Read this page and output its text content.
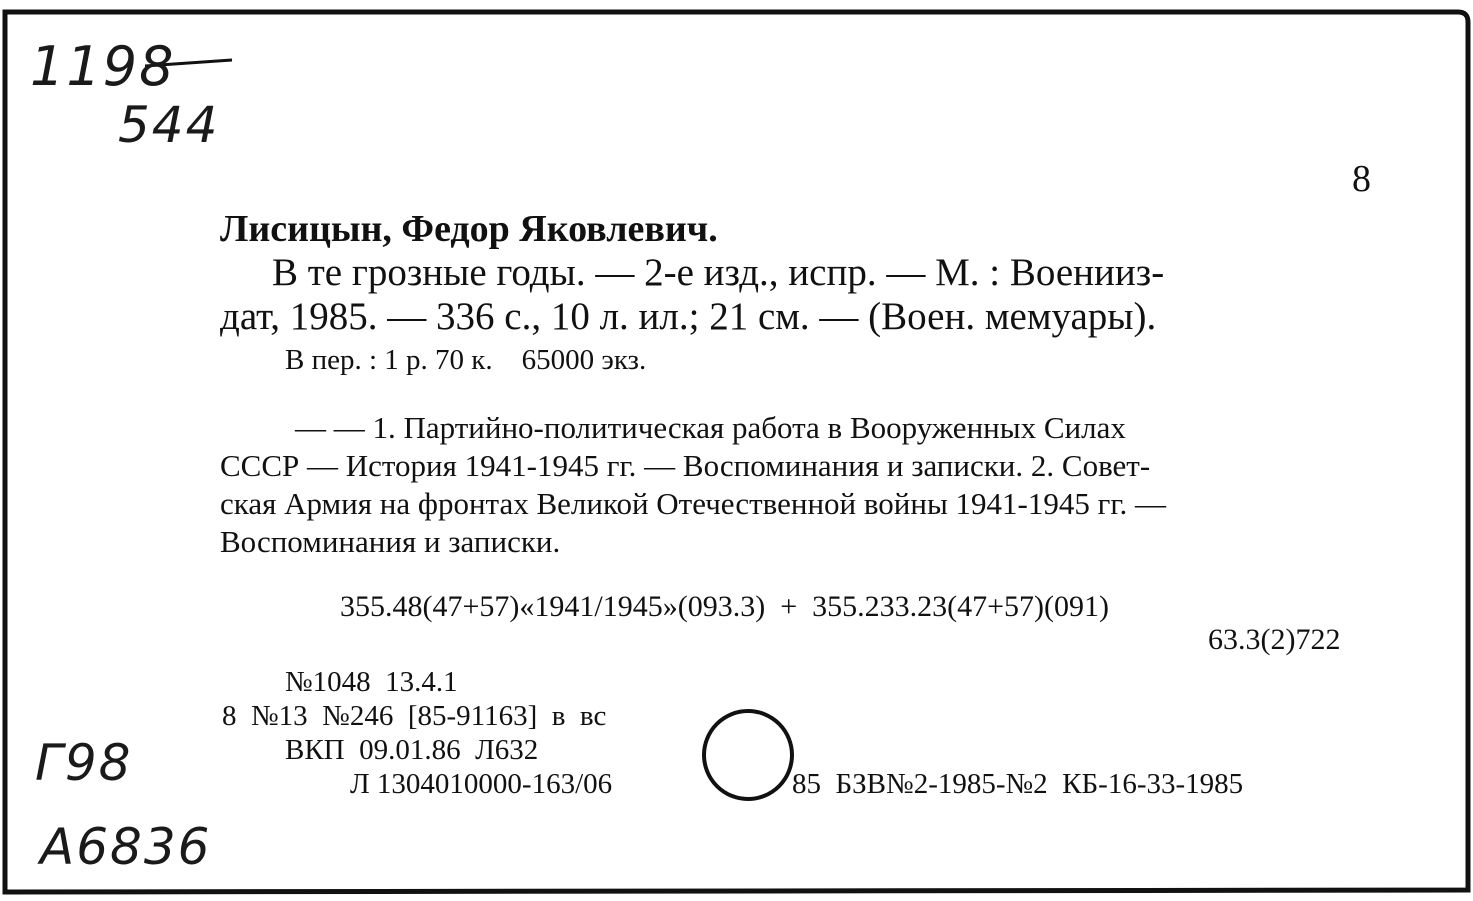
1198
544
Г98
А6836
8
Лисицын, Федор Яковлевич.
В те грозные годы. — 2-е изд., испр. — М. : Военииз-
дат, 1985. — 336 с., 10 л. ил.; 21 см. — (Воен. мемуары).
В пер. : 1 р. 70 к.    65000 экз.
— — 1. Партийно-политическая работа в Вооруженных Силах
СССР — История 1941-1945 гг. — Воспоминания и записки. 2. Совет-
ская Армия на фронтах Великой Отечественной войны 1941-1945 гг. —
Воспоминания и записки.
355.48(47+57)«1941/1945»(093.3)  +  355.233.23(47+57)(091)
63.3(2)722
№1048  13.4.1
8  №13  №246  [85-91163]  в  вс
ВКП  09.01.86  Л632
Л 1304010000-163/06	85  БЗВ№2-1985-№2  КБ-16-33-1985
